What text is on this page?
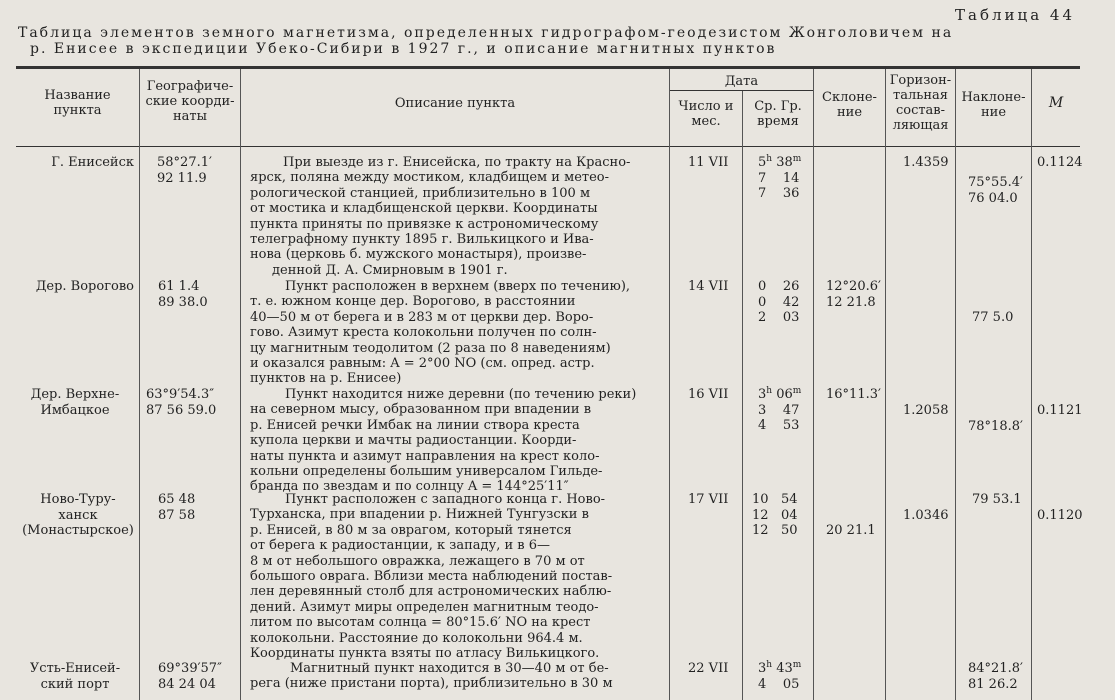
Таблица 44
Таблица элементов земного магнетизма, определенных гидрографом-геодезистом Жонголовичем на
р. Енисее в экспедиции Убеко-Сибири в 1927 г., и описание магнитных пунктов
Название
пункта
Географиче-
ские коорди-
наты
Описание пункта
Дата
Число и
мес.
Ср. Гр.
время
Склоне-
ние
Горизон-
тальная
состав-
ляющая
Наклоне-
ние
M
Г. Енисейск 58°27.1′
92 11.9
При выезде из г. Енисейска, по тракту на Красно-
ярск, поляна между мостиком, кладбищем и метео-
рологической станцией, приблизительно в 100 м
от мостика и кладбищенской церкви. Координаты
пункта приняты по привязке к астрономическому
телеграфному пункту 1895 г. Вилькицкого и Ива-
нова (церковь б. мужского монастыря), произве-
денной Д. А. Смирновым в 1901 г.
11 VII 5$^h$ 38$^m$
7 14
7 36
1.4359
75°55.4′
76 04.0
0.1124
Дер. Ворогово 61 1.4
89 38.0
Пункт расположен в верхнем (вверх по течению),
т. е. южном конце дер. Ворогово, в расстоянии
40—50 м от берега и в 283 м от церкви дер. Воро-
гово. Азимут креста колокольни получен по солн-
цу магнитным теодолитом (2 раза по 8 наведениям)
и оказался равным: A = 2°00 NO (см. опред. астр.
пунктов на р. Енисее)
14 VII 0 26
0 42
2 03
12°20.6′
12 21.8
77 5.0
Дер. Верхне-
Имбацкое
63°9′54.3″
87 56 59.0
Пункт находится ниже деревни (по течению реки)
на северном мысу, образованном при впадении в
р. Енисей речки Имбак на линии створа креста
купола церкви и мачты радиостанции. Коорди-
наты пункта и азимут направления на крест коло-
кольни определены большим универсалом Гильде-
бранда по звездам и по солнцу A = 144°25′11″
16 VII 3$^h$ 06$^m$
3 47
4 53
16°11.3′
1.2058
78°18.8′
0.1121
Ново-Туру-
ханск
(Монастырское)
65 48
87 58
Пункт расположен с западного конца г. Ново-
Турханска, при впадении р. Нижней Тунгузски в
р. Енисей, в 80 м за оврагом, который тянется
от берега к радиостанции, к западу, и в 6—
8 м от небольшого овражка, лежащего в 70 м от
большого оврага. Вблизи места наблюдений постав-
лен деревянный столб для астрономических наблю-
дений. Азимут миры определен магнитным теодо-
литом по высотам солнца = 80°15.6′ NO на крест
колокольни. Расстояние до колокольни 964.4 м.
Координаты пункта взяты по атласу Вилькицкого.
17 VII 10 54
12 04
12 50 20 21.1
1.0346
79 53.1
0.1120
Усть-Енисей-
ский порт
69°39′57″
84 24 04
Магнитный пункт находится в 30—40 м от бе-
рега (ниже пристани порта), приблизительно в 30 м
22 VII 3$^h$ 43$^m$
4 05
84°21.8′
81 26.2
